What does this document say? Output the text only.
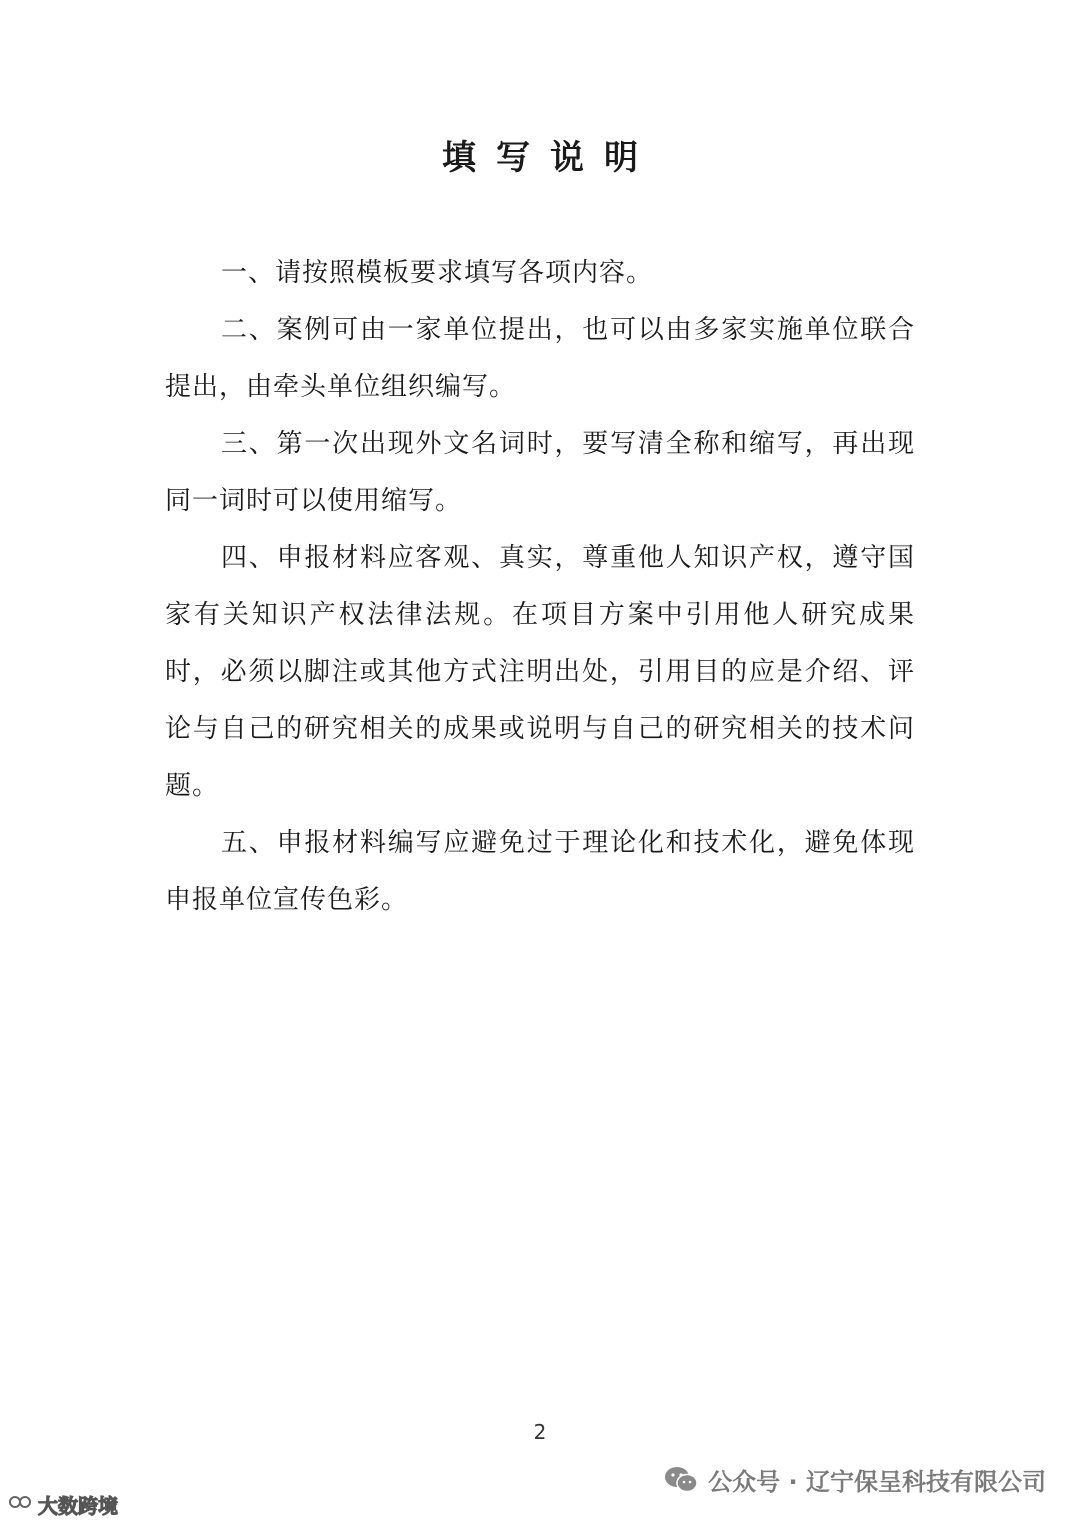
填写说明

一、请按照模板要求填写各项内容。

二、案例可由一家单位提出，也可以由多家实施单位联合提出，由牵头单位组织编写。

三、第一次出现外文名词时，要写清全称和缩写，再出现同一词时可以使用缩写。

四、申报材料应客观、真实，尊重他人知识产权，遵守国家有关知识产权法律法规。在项目方案中引用他人研究成果时，必须以脚注或其他方式注明出处，引用目的应是介绍、评论与自己的研究相关的成果或说明与自己的研究相关的技术问题。

五、申报材料编写应避免过于理论化和技术化，避免体现申报单位宣传色彩。

2
公众号 · 辽宁保呈科技有限公司
大数跨境
